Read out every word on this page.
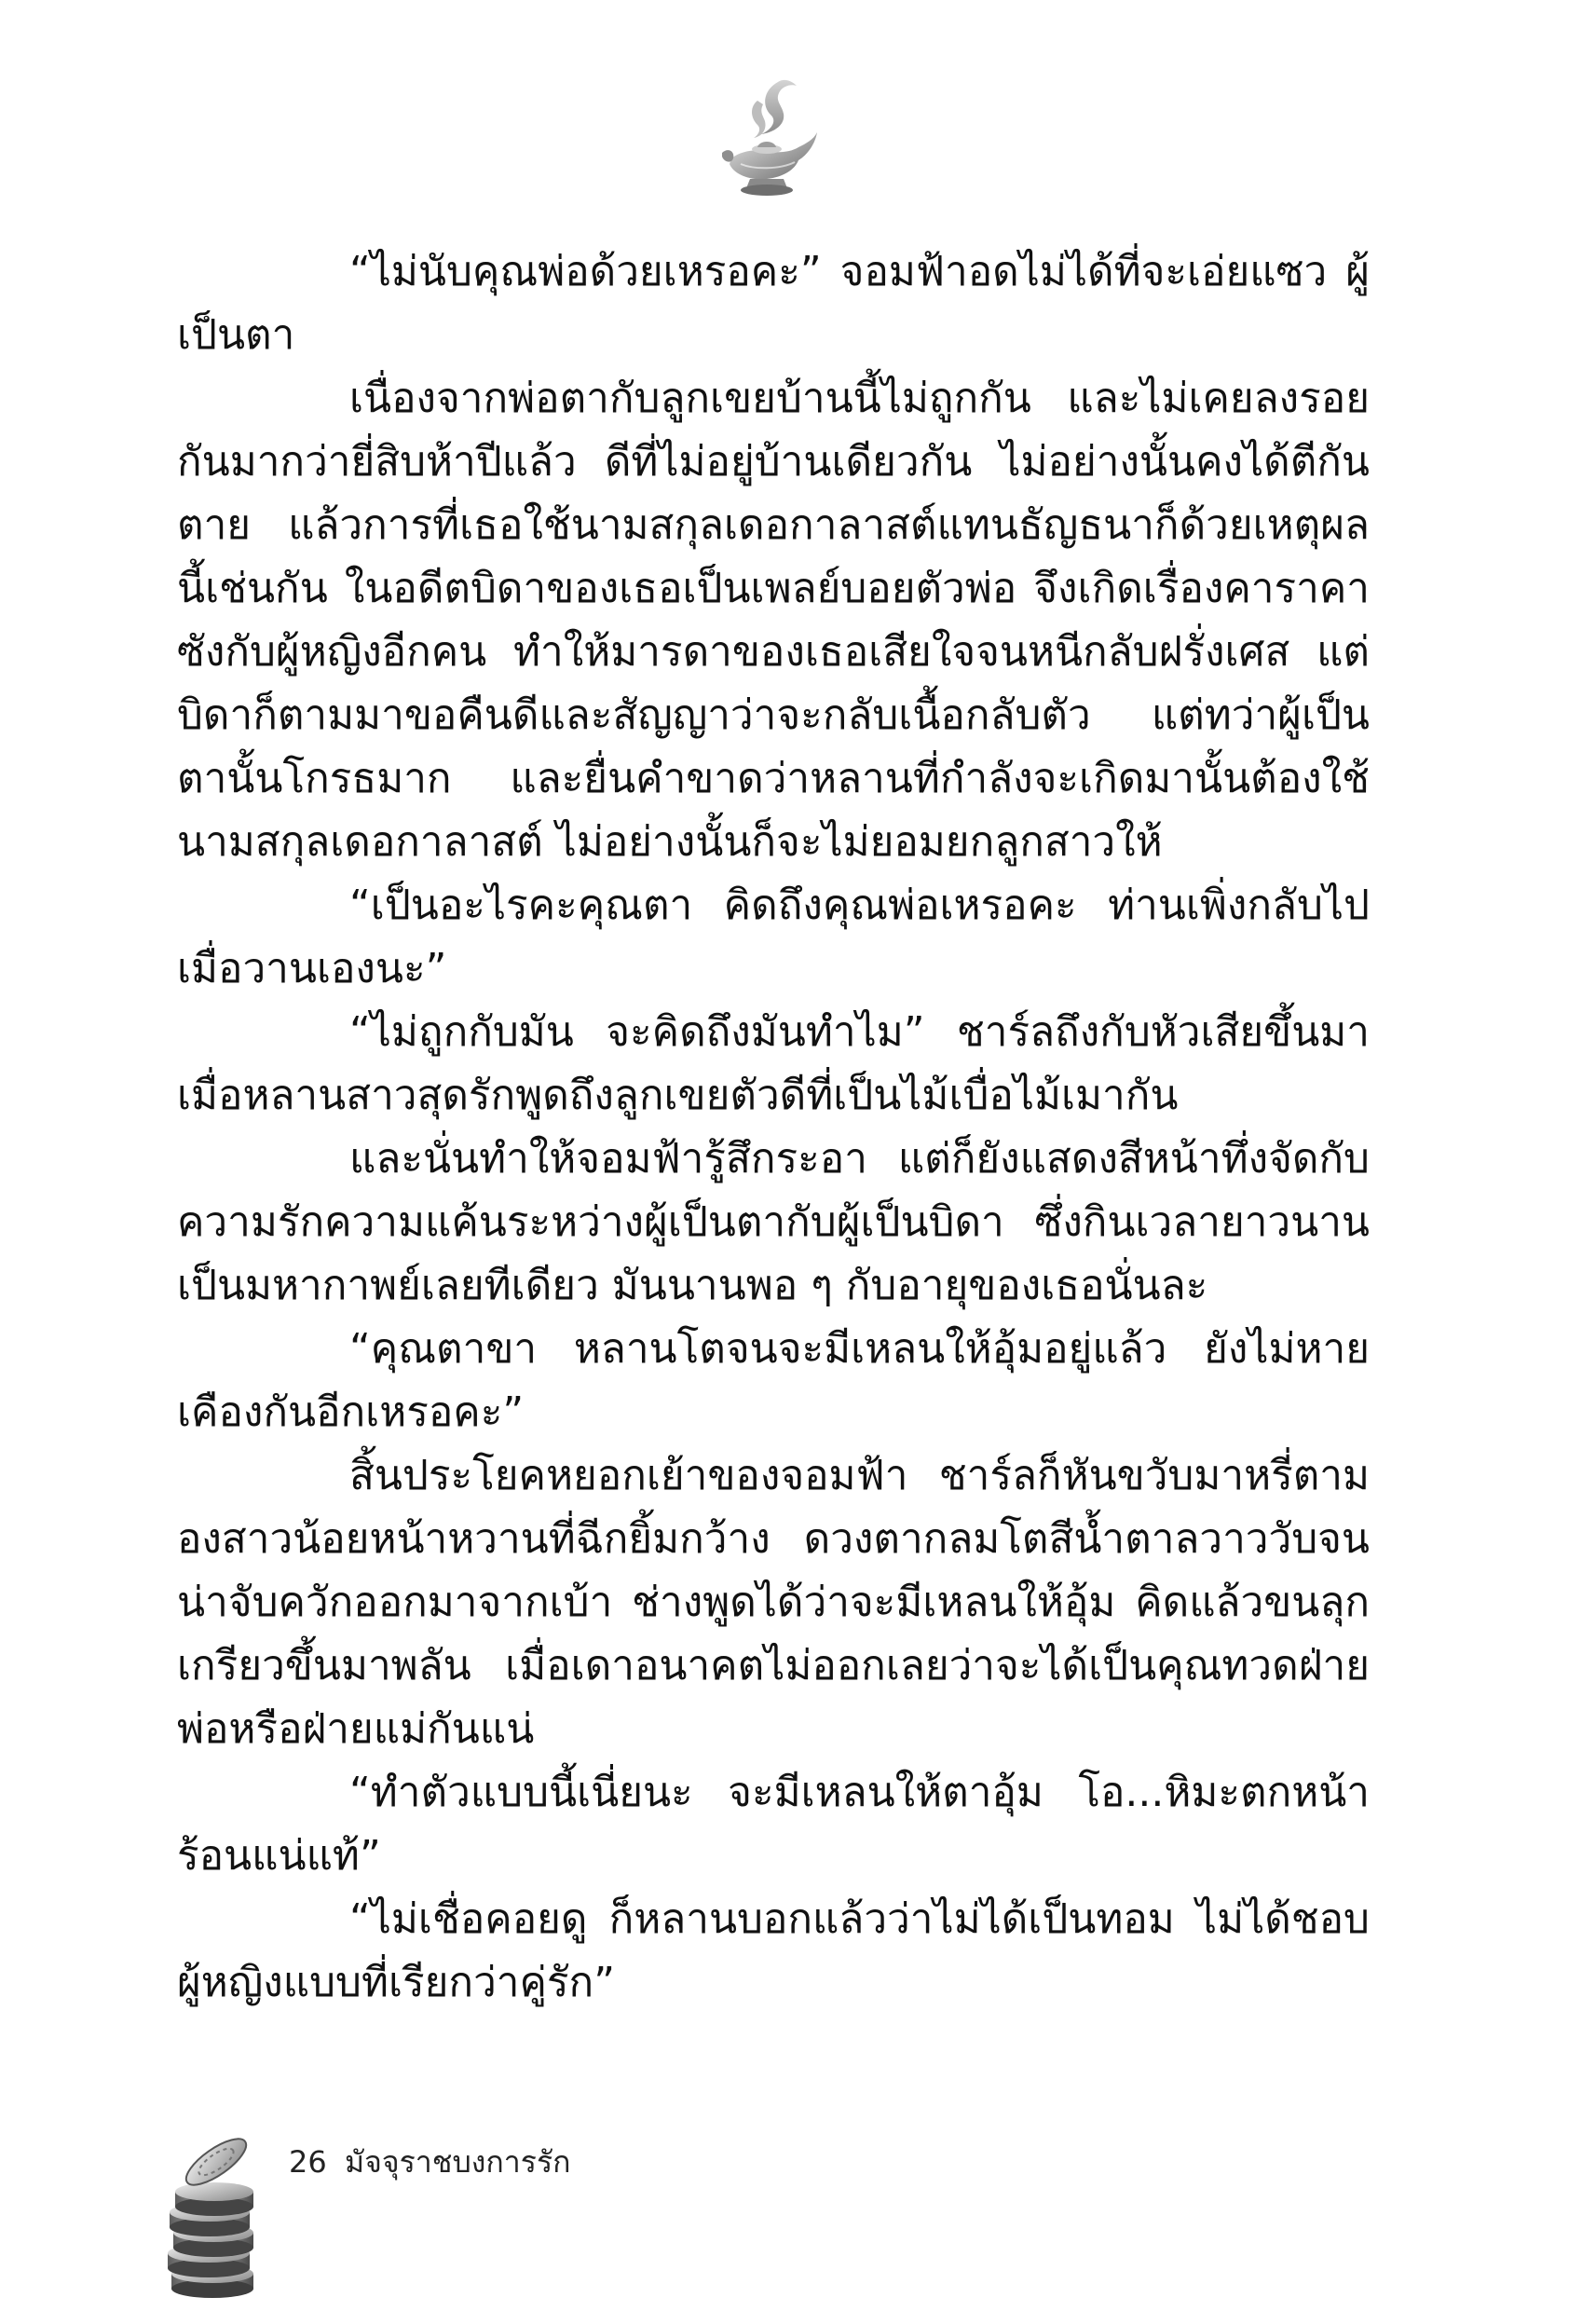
“ไม่นับคุณพ่อด้วยเหรอคะ” จอมฟ้าอดไม่ได้ที่จะเอ่ยแซว ผู้เป็นตา

เนื่องจากพ่อตากับลูกเขยบ้านนี้ไม่ถูกกัน และไม่เคยลงรอยกันมากว่ายี่สิบห้าปีแล้ว ดีที่ไม่อยู่บ้านเดียวกัน ไม่อย่างนั้นคงได้ตีกันตาย แล้วการที่เธอใช้นามสกุลเดอกาลาสต์แทนธัญธนาก็ด้วยเหตุผลนี้เช่นกัน ในอดีตบิดาของเธอเป็นเพลย์บอยตัวพ่อ จึงเกิดเรื่องคาราคาซังกับผู้หญิงอีกคน ทำให้มารดาของเธอเสียใจจนหนีกลับฝรั่งเศส แต่บิดาก็ตามมาขอคืนดีและสัญญาว่าจะกลับเนื้อกลับตัว แต่ทว่าผู้เป็นตานั้นโกรธมาก และยื่นคำขาดว่าหลานที่กำลังจะเกิดมานั้นต้องใช้นามสกุลเดอกาลาสต์ ไม่อย่างนั้นก็จะไม่ยอมยกลูกสาวให้

“เป็นอะไรคะคุณตา คิดถึงคุณพ่อเหรอคะ ท่านเพิ่งกลับไปเมื่อวานเองนะ”

“ไม่ถูกกับมัน จะคิดถึงมันทำไม” ชาร์ลถึงกับหัวเสียขึ้นมา เมื่อหลานสาวสุดรักพูดถึงลูกเขยตัวดีที่เป็นไม้เบื่อไม้เมากัน

และนั่นทำให้จอมฟ้ารู้สึกระอา แต่ก็ยังแสดงสีหน้าทึ่งจัดกับความรักความแค้นระหว่างผู้เป็นตากับผู้เป็นบิดา ซึ่งกินเวลายาวนานเป็นมหากาพย์เลยทีเดียว มันนานพอ ๆ กับอายุของเธอนั่นละ

“คุณตาขา หลานโตจนจะมีเหลนให้อุ้มอยู่แล้ว ยังไม่หายเคืองกันอีกเหรอคะ”

สิ้นประโยคหยอกเย้าของจอมฟ้า ชาร์ลก็หันขวับมาหรี่ตามองสาวน้อยหน้าหวานที่ฉีกยิ้มกว้าง ดวงตากลมโตสีน้ำตาลวาววับจนน่าจับควักออกมาจากเบ้า ช่างพูดได้ว่าจะมีเหลนให้อุ้ม คิดแล้วขนลุกเกรียวขึ้นมาพลัน เมื่อเดาอนาคตไม่ออกเลยว่าจะได้เป็นคุณทวดฝ่ายพ่อหรือฝ่ายแม่กันแน่

“ทำตัวแบบนี้เนี่ยนะ จะมีเหลนให้ตาอุ้ม โอ...หิมะตกหน้าร้อนแน่แท้”

“ไม่เชื่อคอยดู ก็หลานบอกแล้วว่าไม่ได้เป็นทอม ไม่ได้ชอบผู้หญิงแบบที่เรียกว่าคู่รัก”

26 มัจจุราชบงการรัก
